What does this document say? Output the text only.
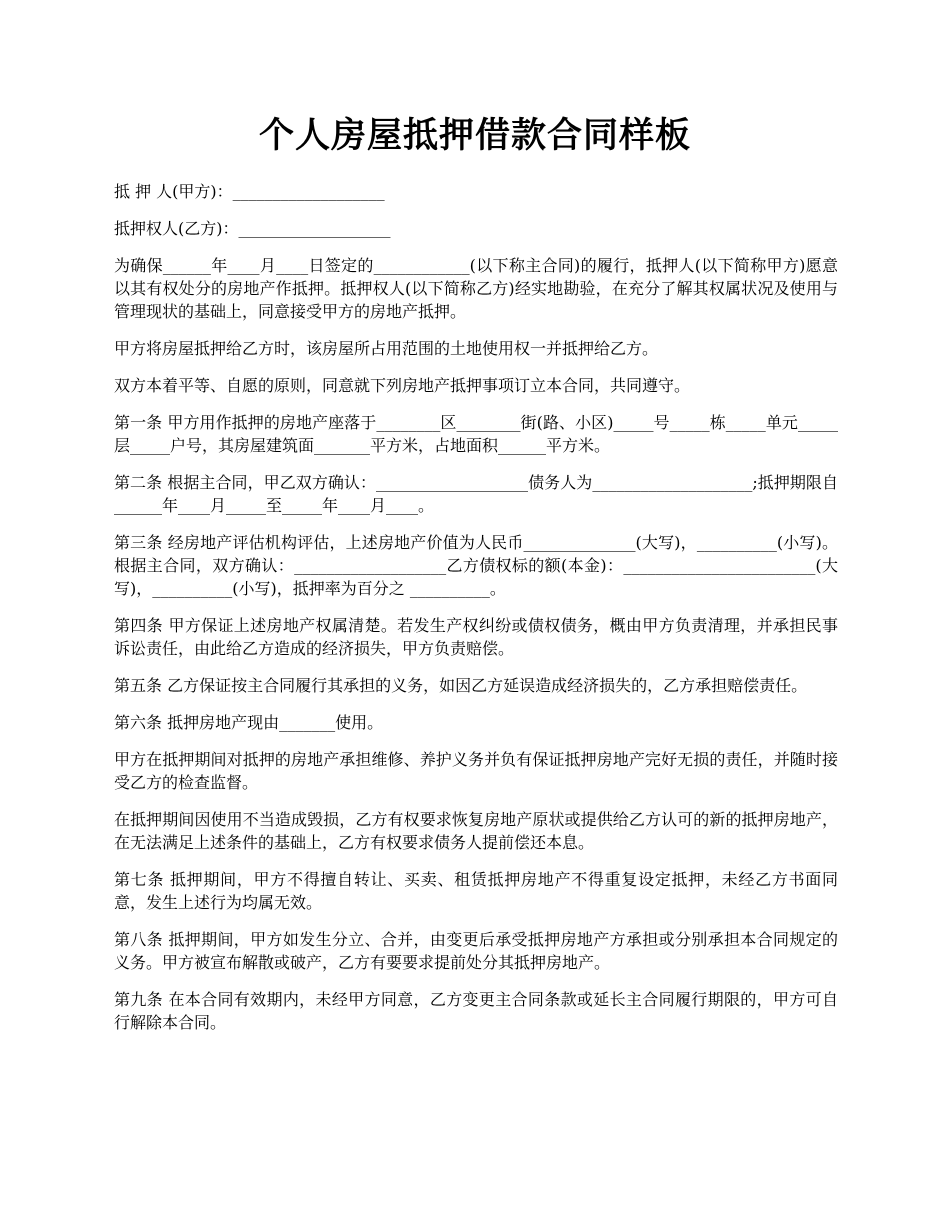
个人房屋抵押借款合同样板

抵 押 人(甲方)：___________________

抵押权人(乙方)：___________________

为确保______年____月____日签定的____________(以下称主合同)的履行，抵押人(以下简称甲方)愿意以其有权处分的房地产作抵押。抵押权人(以下简称乙方)经实地勘验，在充分了解其权属状况及使用与管理现状的基础上，同意接受甲方的房地产抵押。

甲方将房屋抵押给乙方时，该房屋所占用范围的土地使用权一并抵押给乙方。

双方本着平等、自愿的原则，同意就下列房地产抵押事项订立本合同，共同遵守。

第一条 甲方用作抵押的房地产座落于________区________街(路、小区)_____号_____栋_____单元_____层_____户号，其房屋建筑面_______平方米，占地面积______平方米。

第二条 根据主合同，甲乙双方确认：___________________债务人为____________________;抵押期限自______年____月_____至_____年____月____。

第三条 经房地产评估机构评估，上述房地产价值为人民币______________(大写)，__________(小写)。根据主合同，双方确认：___________________乙方债权标的额(本金)：________________________(大写)，__________(小写)，抵押率为百分之 __________。

第四条 甲方保证上述房地产权属清楚。若发生产权纠纷或债权债务，概由甲方负责清理，并承担民事诉讼责任，由此给乙方造成的经济损失，甲方负责赔偿。

第五条 乙方保证按主合同履行其承担的义务，如因乙方延误造成经济损失的，乙方承担赔偿责任。

第六条 抵押房地产现由_______使用。

甲方在抵押期间对抵押的房地产承担维修、养护义务并负有保证抵押房地产完好无损的责任，并随时接受乙方的检查监督。

在抵押期间因使用不当造成毁损，乙方有权要求恢复房地产原状或提供给乙方认可的新的抵押房地产，在无法满足上述条件的基础上，乙方有权要求债务人提前偿还本息。

第七条 抵押期间，甲方不得擅自转让、买卖、租赁抵押房地产不得重复设定抵押，未经乙方书面同意，发生上述行为均属无效。

第八条 抵押期间，甲方如发生分立、合并，由变更后承受抵押房地产方承担或分别承担本合同规定的义务。甲方被宣布解散或破产，乙方有要要求提前处分其抵押房地产。

第九条 在本合同有效期内，未经甲方同意，乙方变更主合同条款或延长主合同履行期限的，甲方可自行解除本合同。
